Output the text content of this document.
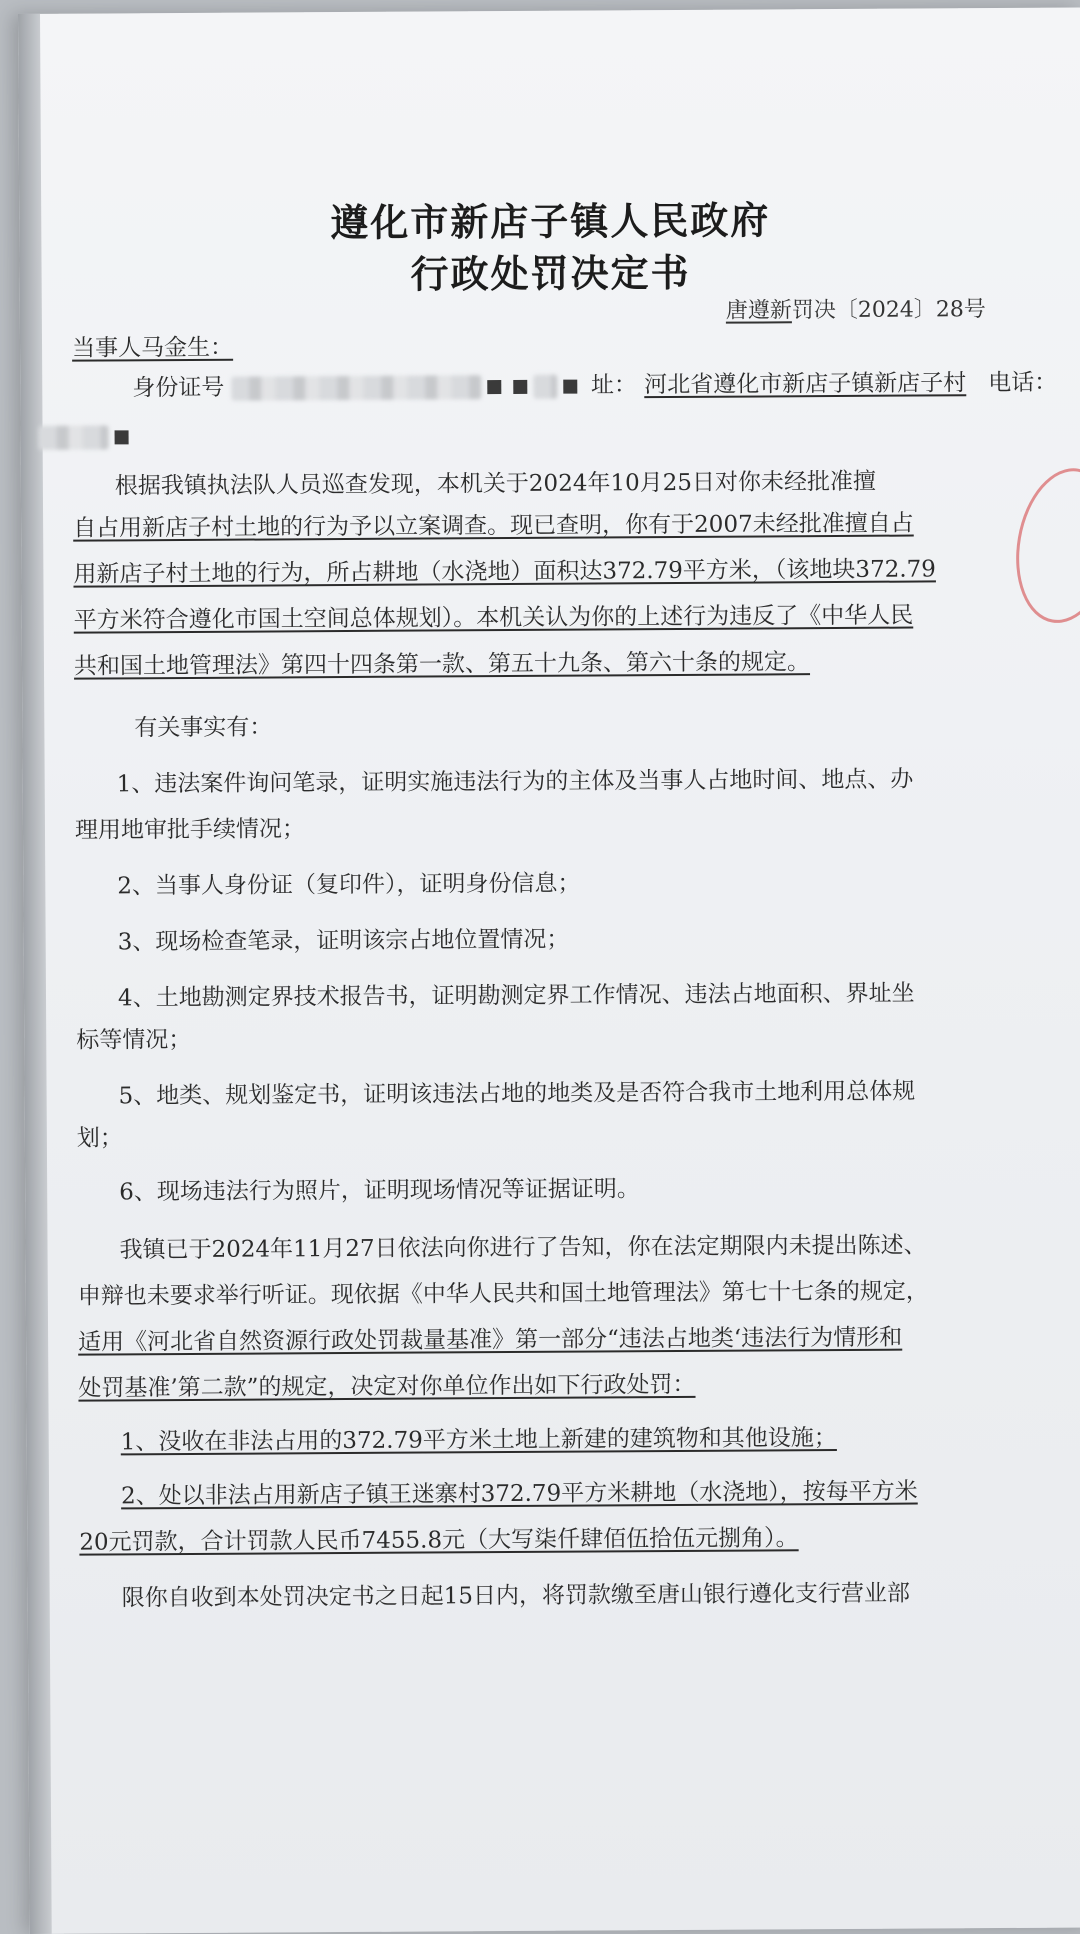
遵化市新店子镇人民政府
行政处罚决定书
唐遵新罚决〔2024〕28号
当事人马金生：
身份证号	址： 河北省遵化市新店子镇新店子村 电话：
根据我镇执法队人员巡查发现，本机关于2024年10月25日对你未经批准擅
自占用新店子村土地的行为予以立案调查。现已查明，你有于2007未经批准擅自占
用新店子村土地的行为，所占耕地（水浇地）面积达372.79平方米，（该地块372.79
平方米符合遵化市国土空间总体规划）。本机关认为你的上述行为违反了《中华人民
共和国土地管理法》第四十四条第一款、第五十九条、第六十条的规定。
有关事实有：
1、违法案件询问笔录，证明实施违法行为的主体及当事人占地时间、地点、办
理用地审批手续情况；
2、当事人身份证（复印件），证明身份信息；
3、现场检查笔录，证明该宗占地位置情况；
4、土地勘测定界技术报告书，证明勘测定界工作情况、违法占地面积、界址坐
标等情况；
5、地类、规划鉴定书，证明该违法占地的地类及是否符合我市土地利用总体规
划；
6、现场违法行为照片，证明现场情况等证据证明。
我镇已于2024年11月27日依法向你进行了告知，你在法定期限内未提出陈述、
申辩也未要求举行听证。现依据《中华人民共和国土地管理法》第七十七条的规定，
适用《河北省自然资源行政处罚裁量基准》第一部分“违法占地类‘违法行为情形和
处罚基准’第二款”的规定，决定对你单位作出如下行政处罚：
1、没收在非法占用的372.79平方米土地上新建的建筑物和其他设施；
2、处以非法占用新店子镇王迷寨村372.79平方米耕地（水浇地），按每平方米
20元罚款，合计罚款人民币7455.8元（大写柒仟肆佰伍拾伍元捌角）。
限你自收到本处罚决定书之日起15日内，将罚款缴至唐山银行遵化支行营业部
